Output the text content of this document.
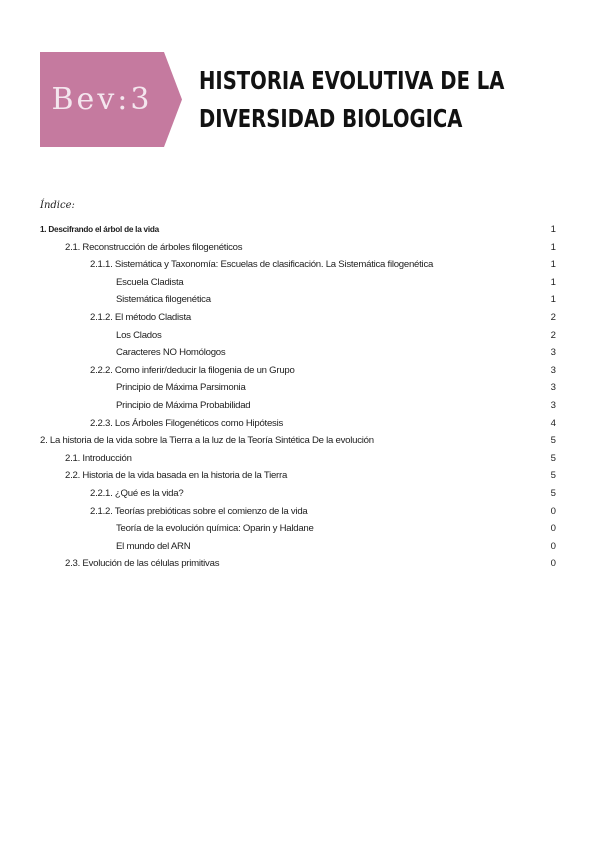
Bev:3
HISTORIA EVOLUTIVA DE LA
DIVERSIDAD BIOLOGICA
Índice:
1. Descifrando el árbol de la vida	1
2.1. Reconstrucción de árboles filogenéticos	1
2.1.1. Sistemática y Taxonomía: Escuelas de clasificación. La Sistemática filogenética	1
Escuela Cladista	1
Sistemática filogenética	1
2.1.2. El método Cladista	2
Los Clados	2
Caracteres NO Homólogos	3
2.2.2. Como inferir/deducir la filogenia de un Grupo	3
Principio de Máxima Parsimonia	3
Principio de Máxima Probabilidad	3
2.2.3. Los Árboles Filogenéticos como Hipótesis	4
2. La historia de la vida sobre la Tierra a la luz de la Teoría Sintética De la evolución	5
2.1. Introducción	5
2.2. Historia de la vida basada en la historia de la Tierra	5
2.2.1. ¿Qué es la vida?	5
2.1.2. Teorías prebióticas sobre el comienzo de la vida	0
Teoría de la evolución química: Oparin y Haldane	0
El mundo del ARN	0
2.3. Evolución de las células primitivas	0
